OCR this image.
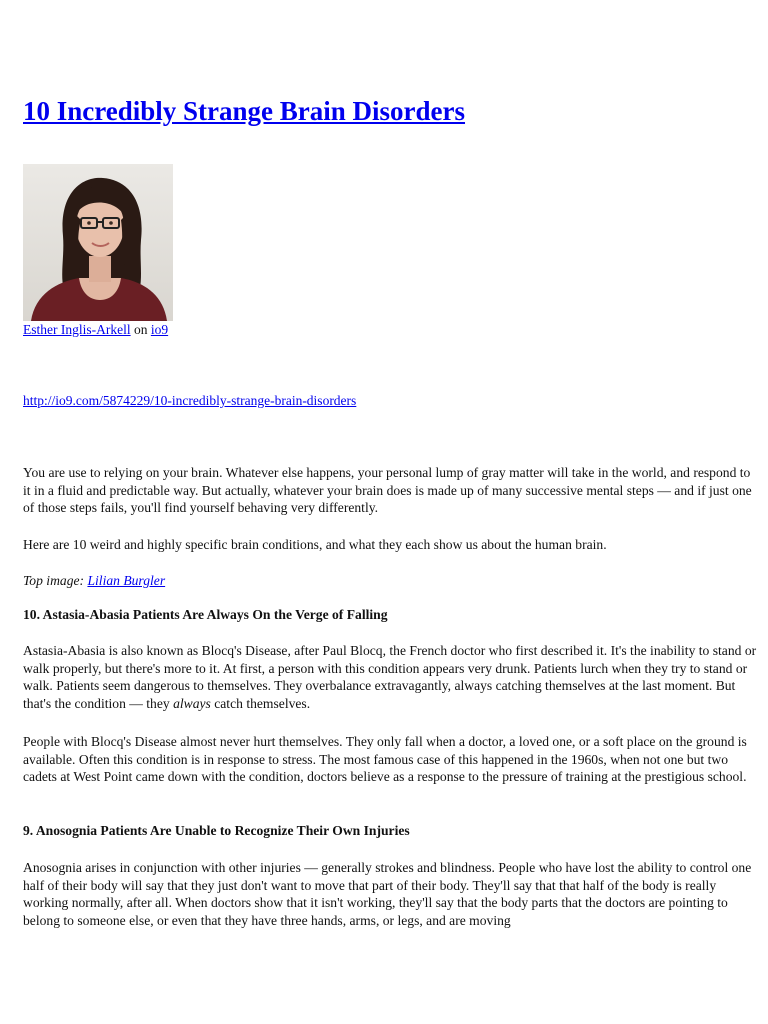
10 Incredibly Strange Brain Disorders
Esther Inglis-Arkell on io9
http://io9.com/5874229/10-incredibly-strange-brain-disorders

You are use to relying on your brain. Whatever else happens, your personal lump of gray matter will take in the world, and respond to it in a fluid and predictable way. But actually, whatever your brain does is made up of many successive mental steps — and if just one of those steps fails, you'll find yourself behaving very differently.

Here are 10 weird and highly specific brain conditions, and what they each show us about the human brain.

Top image: Lilian Burgler

10. Astasia-Abasia Patients Are Always On the Verge of Falling

Astasia-Abasia is also known as Blocq's Disease, after Paul Blocq, the French doctor who first described it. It's the inability to stand or walk properly, but there's more to it. At first, a person with this condition appears very drunk. Patients lurch when they try to stand or walk. Patients seem dangerous to themselves. They overbalance extravagantly, always catching themselves at the last moment. But that's the condition — they always catch themselves.

People with Blocq's Disease almost never hurt themselves. They only fall when a doctor, a loved one, or a soft place on the ground is available. Often this condition is in response to stress. The most famous case of this happened in the 1960s, when not one but two cadets at West Point came down with the condition, doctors believe as a response to the pressure of training at the prestigious school.

9. Anosognia Patients Are Unable to Recognize Their Own Injuries

Anosognia arises in conjunction with other injuries — generally strokes and blindness. People who have lost the ability to control one half of their body will say that they just don't want to move that part of their body. They'll say that that half of the body is really working normally, after all. When doctors show that it isn't working, they'll say that the body parts that the doctors are pointing to belong to someone else, or even that they have three hands, arms, or legs, and are moving
